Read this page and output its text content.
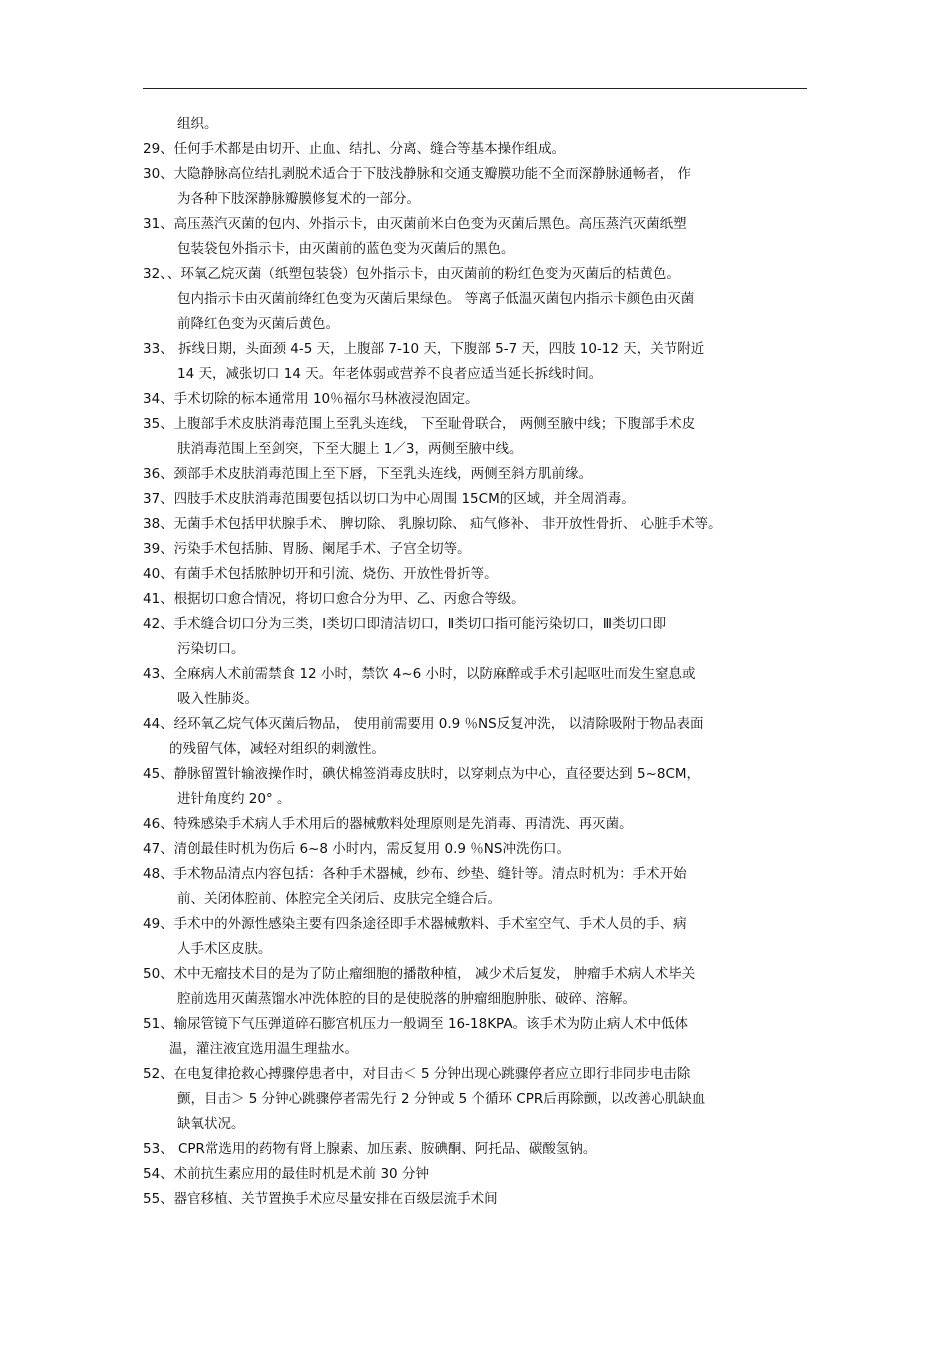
组织。
29、任何手术都是由切开、止血、结扎、分离、缝合等基本操作组成。
30、大隐静脉高位结扎剥脱术适合于下肢浅静脉和交通支瓣膜功能不全而深静脉通畅者， 作
为各种下肢深静脉瓣膜修复术的一部分。
31、高压蒸汽灭菌的包内、外指示卡，由灭菌前米白色变为灭菌后黑色。高压蒸汽灭菌纸塑
包装袋包外指示卡，由灭菌前的蓝色变为灭菌后的黑色。
32、、环氧乙烷灭菌（纸塑包装袋）包外指示卡，由灭菌前的粉红色变为灭菌后的桔黄色。
包内指示卡由灭菌前绛红色变为灭菌后果绿色。 等离子低温灭菌包内指示卡颜色由灭菌
前降红色变为灭菌后黄色。
33、 拆线日期，头面颈 4-5 天，上腹部 7-10 天，下腹部 5-7 天，四肢 10-12 天，关节附近
14 天，减张切口 14 天。年老体弱或营养不良者应适当延长拆线时间。
34、手术切除的标本通常用 10％福尔马林液浸泡固定。
35、上腹部手术皮肤消毒范围上至乳头连线， 下至耻骨联合， 两侧至腋中线；下腹部手术皮
肤消毒范围上至剑突，下至大腿上 1／3，两侧至腋中线。
36、颈部手术皮肤消毒范围上至下唇，下至乳头连线，两侧至斜方肌前缘。
37、四肢手术皮肤消毒范围要包括以切口为中心周围 15CM的区域，并全周消毒。
38、无菌手术包括甲状腺手术、 脾切除、 乳腺切除、 疝气修补、 非开放性骨折、 心脏手术等。
39、污染手术包括肺、胃肠、阑尾手术、子宫全切等。
40、有菌手术包括脓肿切开和引流、烧伤、开放性骨折等。
41、根据切口愈合情况，将切口愈合分为甲、乙、丙愈合等级。
42、手术缝合切口分为三类，Ⅰ类切口即清洁切口，Ⅱ类切口指可能污染切口，Ⅲ类切口即
污染切口。
43、全麻病人术前需禁食 12 小时，禁饮 4~6 小时，以防麻醉或手术引起呕吐而发生窒息或
吸入性肺炎。
44、经环氧乙烷气体灭菌后物品， 使用前需要用 0.9 ％NS反复冲洗， 以清除吸附于物品表面
的残留气体，减轻对组织的刺激性。
45、静脉留置针输液操作时，碘伏棉签消毒皮肤时，以穿刺点为中心，直径要达到 5~8CM，
进针角度约 20° 。
46、特殊感染手术病人手术用后的器械敷料处理原则是先消毒、再清洗、再灭菌。
47、清创最佳时机为伤后 6~8 小时内，需反复用 0.9 ％NS冲洗伤口。
48、手术物品清点内容包括：各种手术器械，纱布、纱垫、缝针等。清点时机为：手术开始
前、关闭体腔前、体腔完全关闭后、皮肤完全缝合后。
49、手术中的外源性感染主要有四条途径即手术器械敷料、手术室空气、手术人员的手、病
人手术区皮肤。
50、术中无瘤技术目的是为了防止瘤细胞的播散种植， 减少术后复发， 肿瘤手术病人术毕关
腔前选用灭菌蒸馏水冲洗体腔的目的是使脱落的肿瘤细胞肿胀、破碎、溶解。
51、输尿管镜下气压弹道碎石膨宫机压力一般调至 16-18KPA。该手术为防止病人术中低体
温，灌注液宜选用温生理盐水。
52、在电复律抢救心搏骤停患者中，对目击＜ 5 分钟出现心跳骤停者应立即行非同步电击除
颤，目击＞ 5 分钟心跳骤停者需先行 2 分钟或 5 个循环 CPR后再除颤，以改善心肌缺血
缺氧状况。
53、 CPR常选用的药物有肾上腺素、加压素、胺碘酮、阿托品、碳酸氢钠。
54、术前抗生素应用的最佳时机是术前 30 分钟
55、器官移植、关节置换手术应尽量安排在百级层流手术间
